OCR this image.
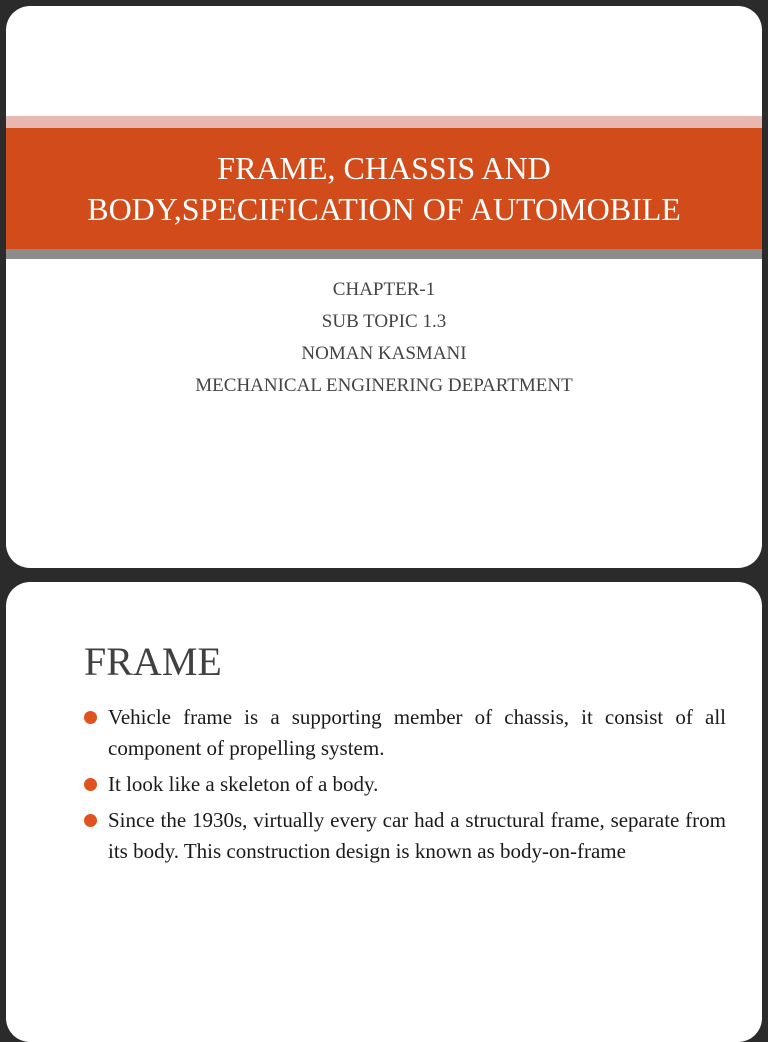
FRAME, CHASSIS AND
BODY,SPECIFICATION OF AUTOMOBILE
CHAPTER-1
SUB TOPIC 1.3
NOMAN KASMANI
MECHANICAL ENGINERING DEPARTMENT
FRAME
Vehicle frame is a supporting member of chassis, it consist of all component of propelling system.
It look like a skeleton of a body.
Since the 1930s, virtually every car had a structural frame, separate from its body. This construction design is known as body-on-frame
